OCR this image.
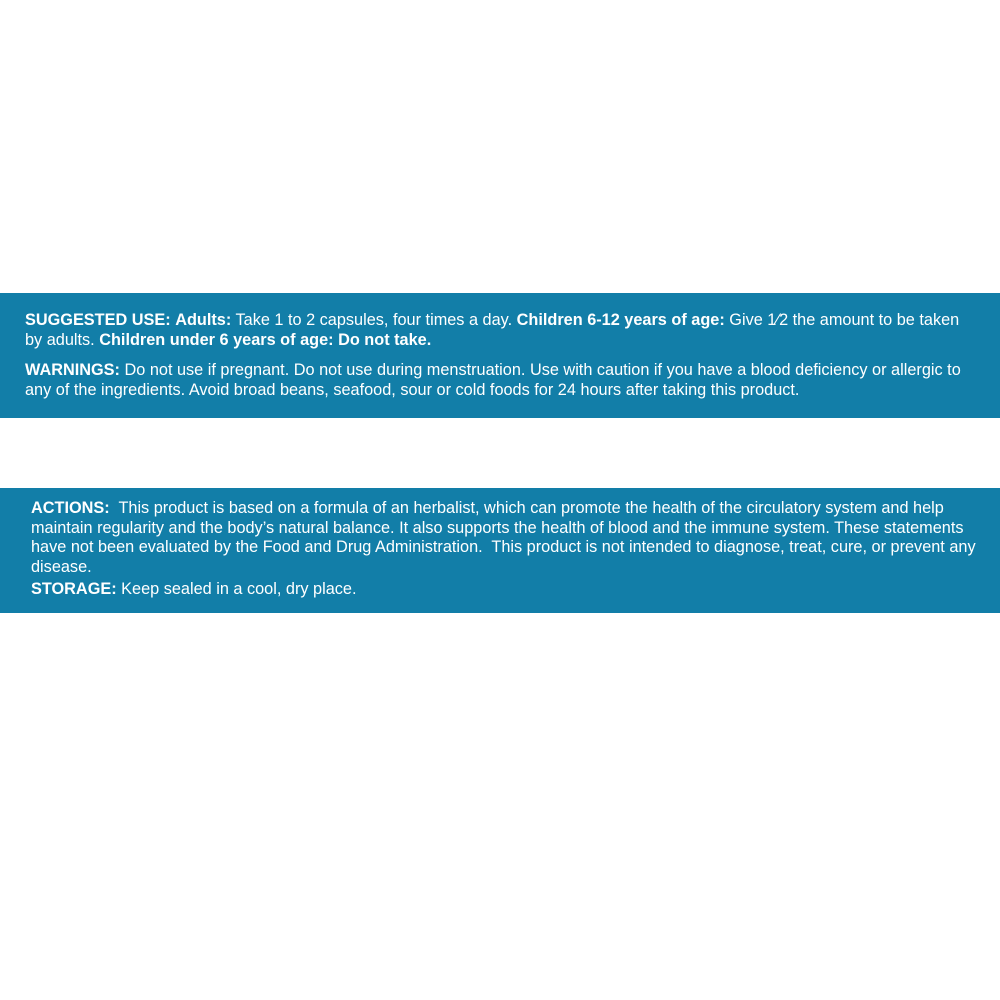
SUGGESTED USE: Adults: Take 1 to 2 capsules, four times a day. Children 6-12 years of age: Give 1⁄2 the amount to be taken by adults. Children under 6 years of age: Do not take.

WARNINGS: Do not use if pregnant. Do not use during menstruation. Use with caution if you have a blood deficiency or allergic to any of the ingredients. Avoid broad beans, seafood, sour or cold foods for 24 hours after taking this product.

ACTIONS:  This product is based on a formula of an herbalist, which can promote the health of the circulatory system and help maintain regularity and the body’s natural balance. It also supports the health of blood and the immune system. These statements have not been evaluated by the Food and Drug Administration.  This product is not intended to diagnose, treat, cure, or prevent any disease.

STORAGE: Keep sealed in a cool, dry place.
